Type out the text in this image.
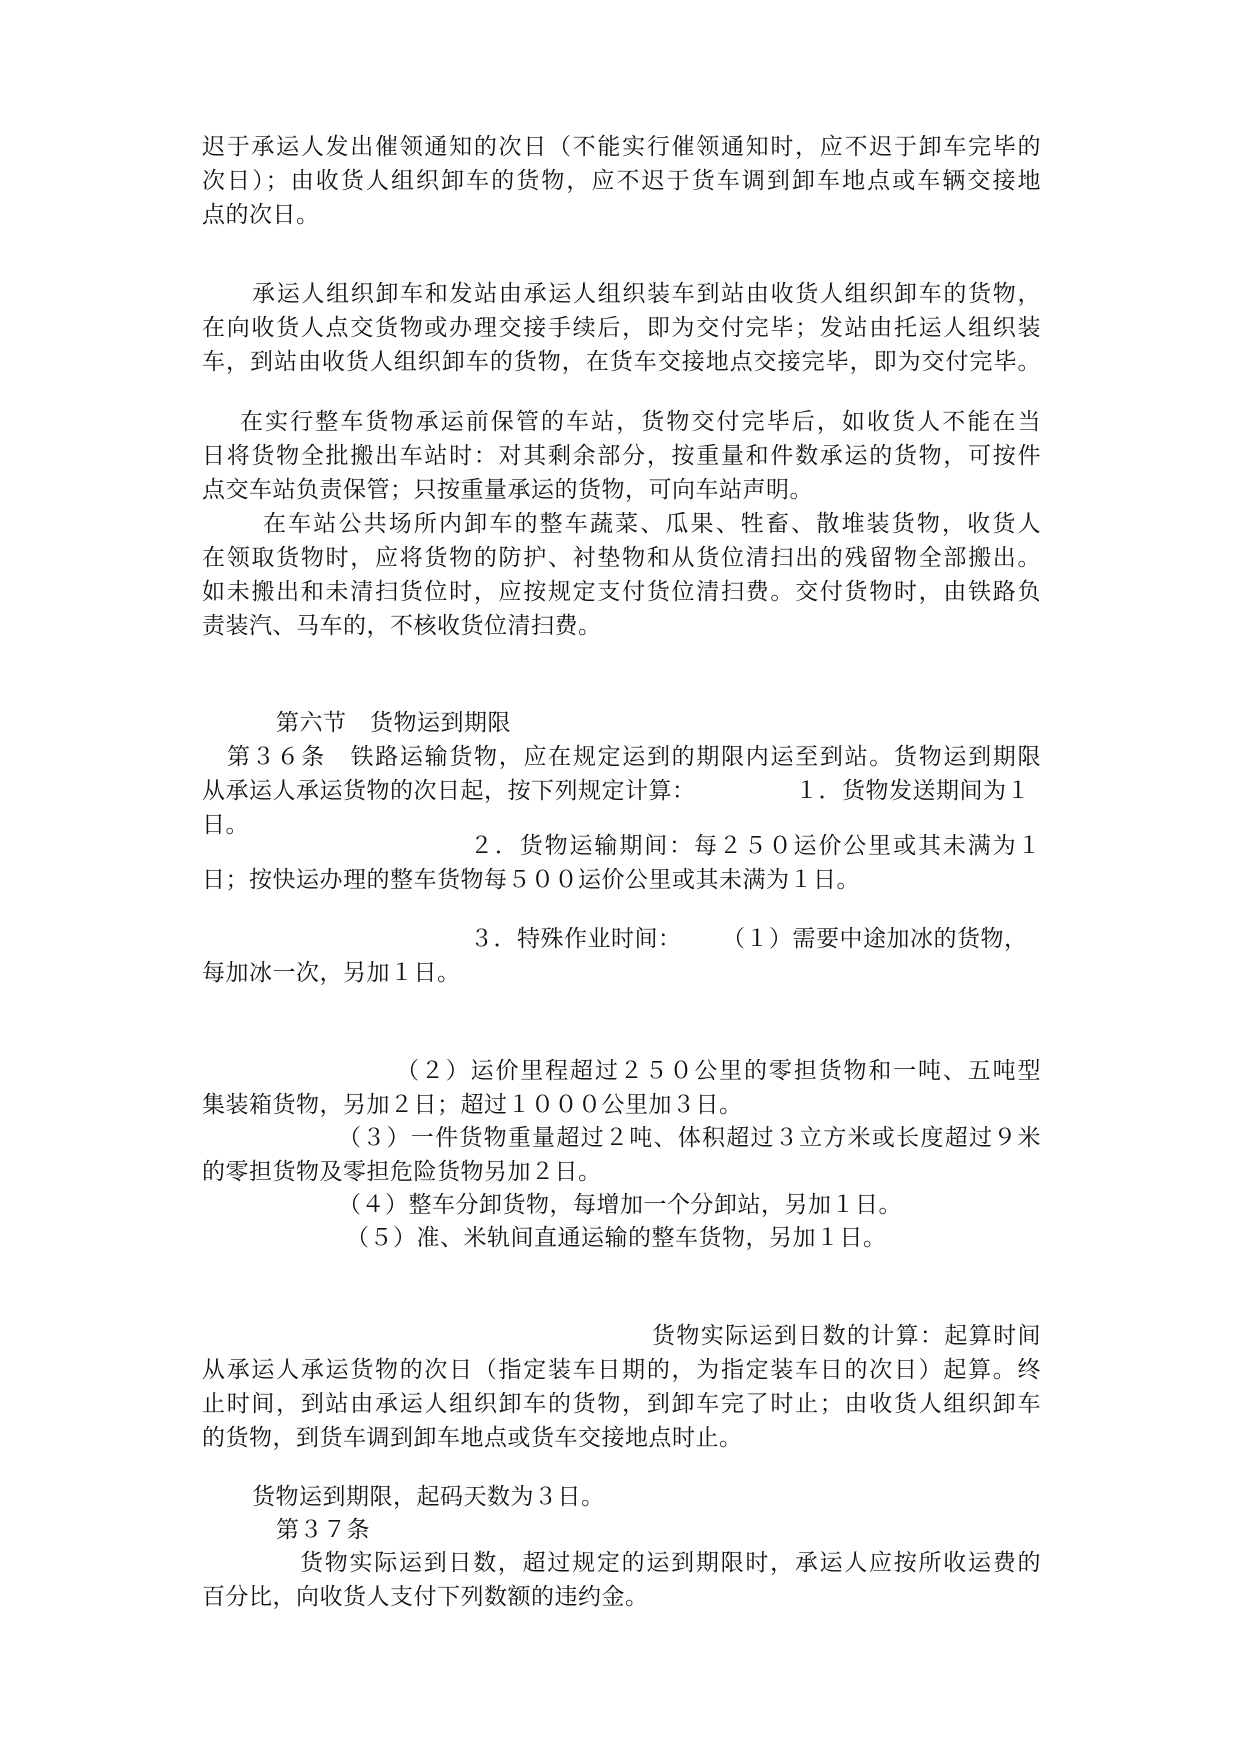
迟于承运人发出催领通知的次日（不能实行催领通知时，应不迟于卸车完毕的
次日）；由收货人组织卸车的货物，应不迟于货车调到卸车地点或车辆交接地
点的次日。
承运人组织卸车和发站由承运人组织装车到站由收货人组织卸车的货物，
在向收货人点交货物或办理交接手续后，即为交付完毕；发站由托运人组织装
车，到站由收货人组织卸车的货物，在货车交接地点交接完毕，即为交付完毕。
在实行整车货物承运前保管的车站，货物交付完毕后，如收货人不能在当
日将货物全批搬出车站时：对其剩余部分，按重量和件数承运的货物，可按件
点交车站负责保管；只按重量承运的货物，可向车站声明。
在车站公共场所内卸车的整车蔬菜、瓜果、牲畜、散堆装货物，收货人
在领取货物时，应将货物的防护、衬垫物和从货位清扫出的残留物全部搬出。
如未搬出和未清扫货位时，应按规定支付货位清扫费。交付货物时，由铁路负
责装汽、马车的，不核收货位清扫费。
第六节　货物运到期限
第３６条　铁路运输货物，应在规定运到的期限内运至到站。货物运到期限
从承运人承运货物的次日起，按下列规定计算：	１．货物发送期间为１
日。
２．货物运输期间：每２５０运价公里或其未满为１
日；按快运办理的整车货物每５００运价公里或其未满为１日。
３．特殊作业时间： （１）需要中途加冰的货物，
每加冰一次，另加１日。
（２）运价里程超过２５０公里的零担货物和一吨、五吨型
集装箱货物，另加２日；超过１０００公里加３日。
（３）一件货物重量超过２吨、体积超过３立方米或长度超过９米
的零担货物及零担危险货物另加２日。
（４）整车分卸货物，每增加一个分卸站，另加１日。
（５）准、米轨间直通运输的整车货物，另加１日。
货物实际运到日数的计算：起算时间
从承运人承运货物的次日（指定装车日期的，为指定装车日的次日）起算。终
止时间，到站由承运人组织卸车的货物，到卸车完了时止；由收货人组织卸车
的货物，到货车调到卸车地点或货车交接地点时止。
货物运到期限，起码天数为３日。
第３７条
货物实际运到日数，超过规定的运到期限时，承运人应按所收运费的
百分比，向收货人支付下列数额的违约金。
